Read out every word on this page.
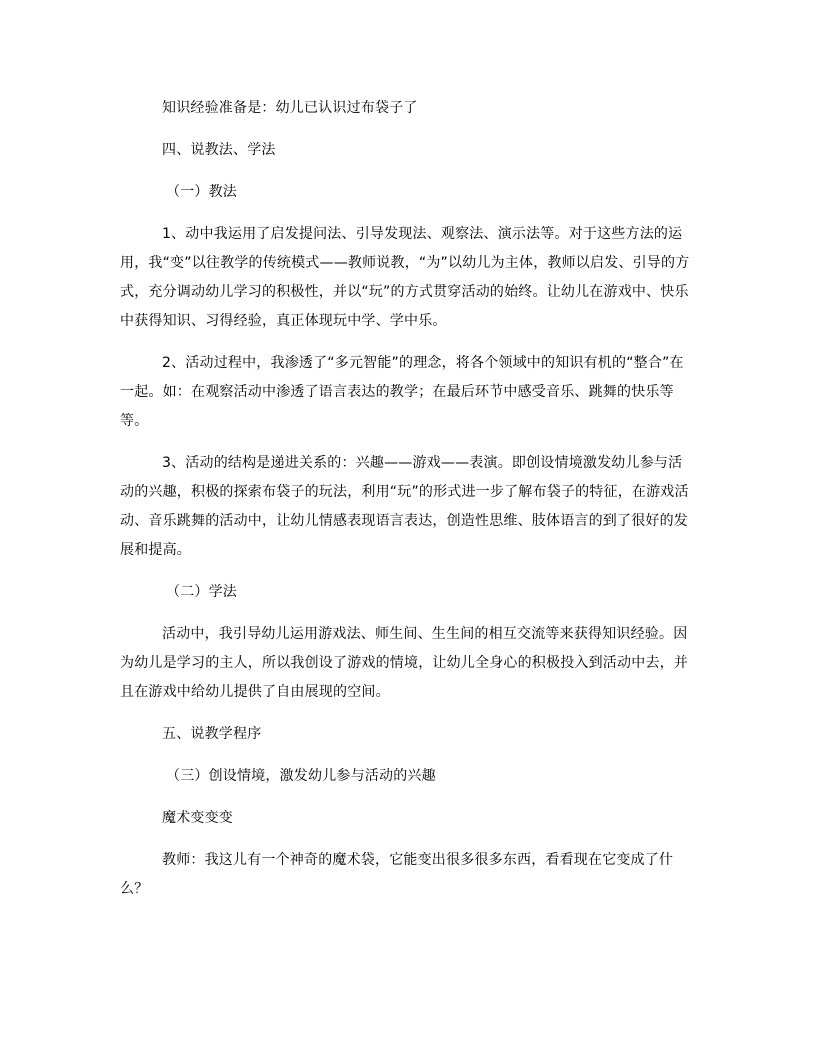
知识经验准备是：幼儿已认识过布袋子了

四、说教法、学法

（一）教法

1、动中我运用了启发提问法、引导发现法、观察法、演示法等。对于这些方法的运用，我“变”以往教学的传统模式——教师说教，“为”以幼儿为主体，教师以启发、引导的方式，充分调动幼儿学习的积极性，并以“玩”的方式贯穿活动的始终。让幼儿在游戏中、快乐中获得知识、习得经验，真正体现玩中学、学中乐。

2、活动过程中，我渗透了“多元智能”的理念，将各个领域中的知识有机的“整合”在一起。如：在观察活动中渗透了语言表达的教学；在最后环节中感受音乐、跳舞的快乐等等。

3、活动的结构是递进关系的：兴趣——游戏——表演。即创设情境激发幼儿参与活动的兴趣，积极的探索布袋子的玩法，利用“玩”的形式进一步了解布袋子的特征，在游戏活动、音乐跳舞的活动中，让幼儿情感表现语言表达，创造性思维、肢体语言的到了很好的发展和提高。

（二）学法

活动中，我引导幼儿运用游戏法、师生间、生生间的相互交流等来获得知识经验。因为幼儿是学习的主人，所以我创设了游戏的情境，让幼儿全身心的积极投入到活动中去，并且在游戏中给幼儿提供了自由展现的空间。

五、说教学程序

（三）创设情境，激发幼儿参与活动的兴趣

魔术变变变

教师：我这儿有一个神奇的魔术袋，它能变出很多很多东西，看看现在它变成了什么？
